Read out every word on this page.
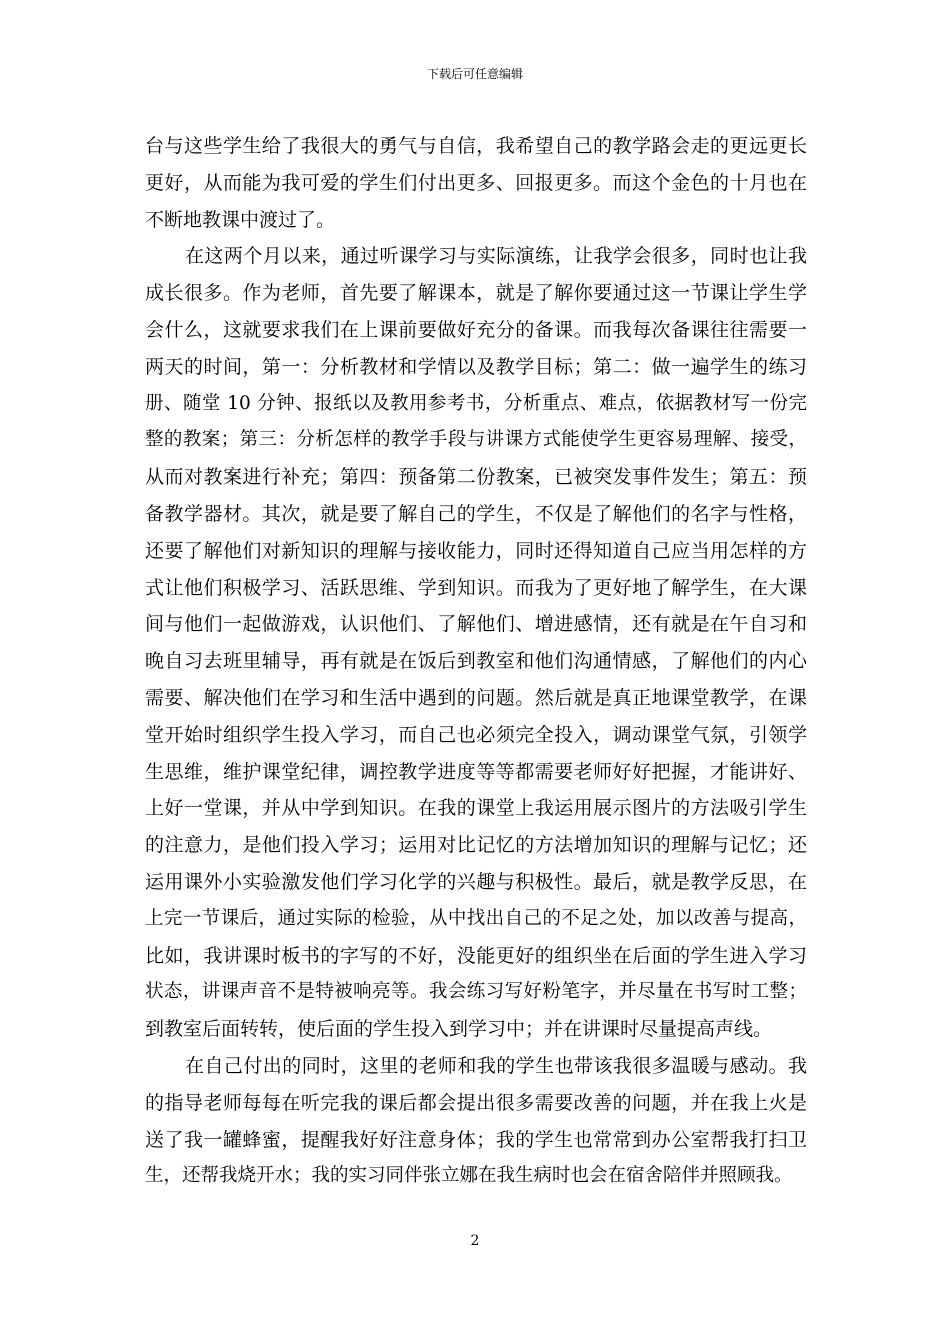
下载后可任意编辑
台与这些学生给了我很大的勇气与自信，我希望自己的教学路会走的更远更长
更好，从而能为我可爱的学生们付出更多、回报更多。而这个金色的十月也在
不断地教课中渡过了。
在这两个月以来，通过听课学习与实际演练，让我学会很多，同时也让我
成长很多。作为老师，首先要了解课本，就是了解你要通过这一节课让学生学
会什么，这就要求我们在上课前要做好充分的备课。而我每次备课往往需要一
两天的时间，第一：分析教材和学情以及教学目标；第二：做一遍学生的练习
册、随堂 10 分钟、报纸以及教用参考书，分析重点、难点，依据教材写一份完
整的教案；第三：分析怎样的教学手段与讲课方式能使学生更容易理解、接受，
从而对教案进行补充；第四：预备第二份教案，已被突发事件发生；第五：预
备教学器材。其次，就是要了解自己的学生，不仅是了解他们的名字与性格，
还要了解他们对新知识的理解与接收能力，同时还得知道自己应当用怎样的方
式让他们积极学习、活跃思维、学到知识。而我为了更好地了解学生，在大课
间与他们一起做游戏，认识他们、了解他们、增进感情，还有就是在午自习和
晚自习去班里辅导，再有就是在饭后到教室和他们沟通情感，了解他们的内心
需要、解决他们在学习和生活中遇到的问题。然后就是真正地课堂教学，在课
堂开始时组织学生投入学习，而自己也必须完全投入，调动课堂气氛，引领学
生思维，维护课堂纪律，调控教学进度等等都需要老师好好把握，才能讲好、
上好一堂课，并从中学到知识。在我的课堂上我运用展示图片的方法吸引学生
的注意力，是他们投入学习；运用对比记忆的方法增加知识的理解与记忆；还
运用课外小实验激发他们学习化学的兴趣与积极性。最后，就是教学反思，在
上完一节课后，通过实际的检验，从中找出自己的不足之处，加以改善与提高，
比如，我讲课时板书的字写的不好，没能更好的组织坐在后面的学生进入学习
状态，讲课声音不是特被响亮等。我会练习写好粉笔字，并尽量在书写时工整；
到教室后面转转，使后面的学生投入到学习中；并在讲课时尽量提高声线。
在自己付出的同时，这里的老师和我的学生也带该我很多温暖与感动。我
的指导老师每每在听完我的课后都会提出很多需要改善的问题，并在我上火是
送了我一罐蜂蜜，提醒我好好注意身体；我的学生也常常到办公室帮我打扫卫
生，还帮我烧开水；我的实习同伴张立娜在我生病时也会在宿舍陪伴并照顾我。
2
